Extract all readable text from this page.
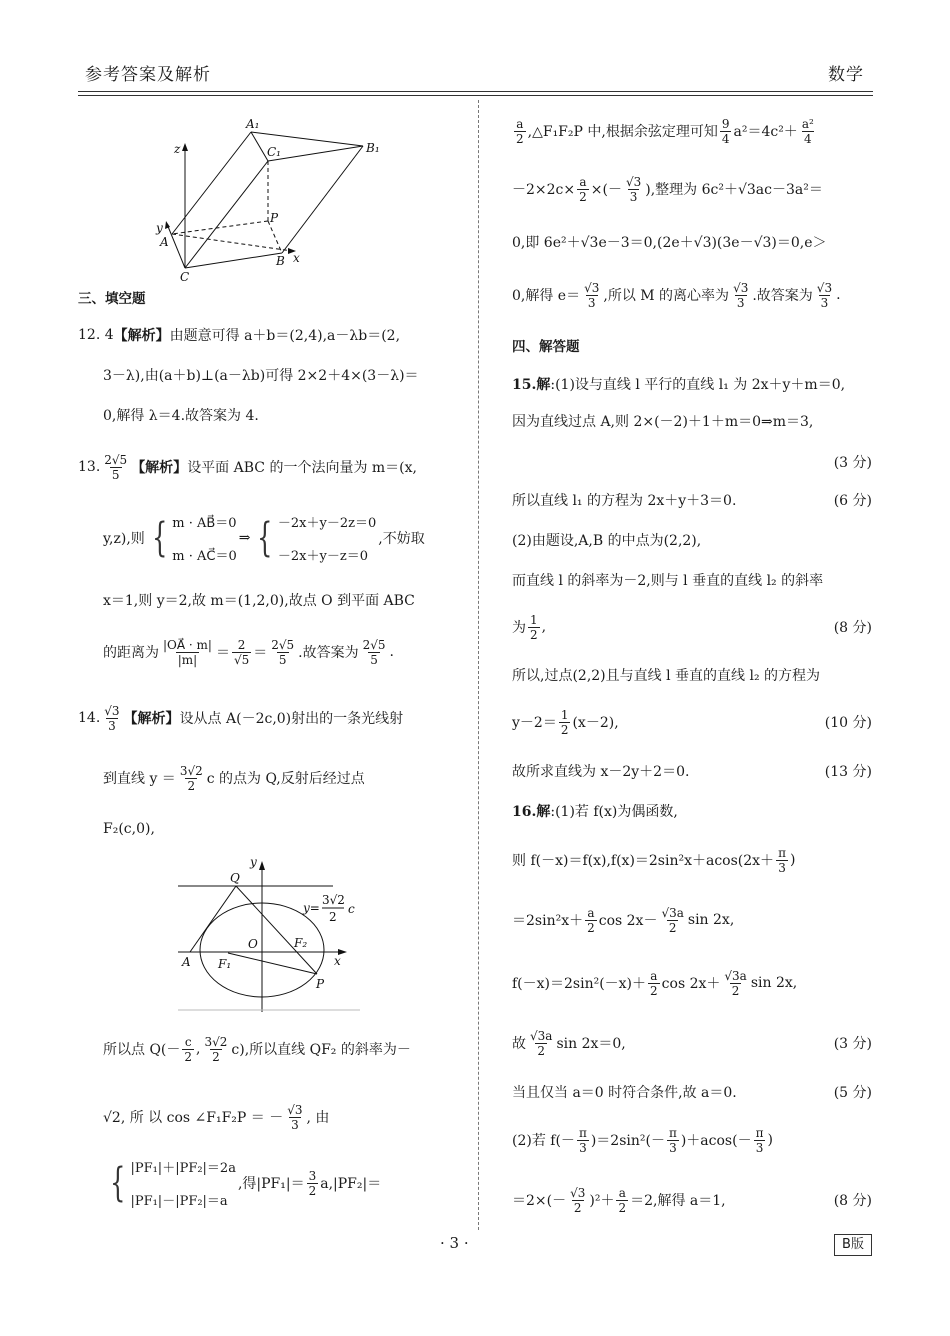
参考答案及解析	数学
A₁
B₁
C₁
z
y
A
P
B x
C
y
Q
y=
3√2
2
c
O	F₂
A F₁	x
P
三、填空题
12. 4 【解析】 由题意可得 a＋b＝(2,4),a－λb＝(2,
3－λ),由(a＋b)⊥(a－λb)可得 2×2＋4×(3－λ)＝
0,解得 λ＝4.故答案为 4.
13. $\frac{2√5}{5}$ 【解析】 设平面 ABC 的一个法向量为 m＝(x,
y,z),则 { m · AB⃗＝0
m · AC⃗＝0
⇒ { －2x＋y－2z＝0
－2x＋y－z＝0
,不妨取
x＝1,则 y＝2,故 m＝(1,2,0),故点 O 到平面 ABC
的距离为 $\frac{|OA⃗ \cdot m|}{|m|} = \frac{2}{√5} = \frac{2√5}{5}$ .故答案为 $\frac{2√5}{5}$ .
14. $\frac{√3}{3}$ 【解析】 设从点 A(－2c,0)射出的一条光线射
到直线 $y = \frac{3√2}{2}$ c 的点为 Q,反射后经过点
F₂(c,0),
所以点 $Q(- \frac{c}{2}$ , $\frac{3√2}{2} c$),所以直线 QF₂ 的斜率为－
√2, 所 以 cos ∠F₁F₂P ＝ － $\frac{√3}{3}$ , 由
{ |PF₁|＋|PF₂|＝2a
|PF₁|－|PF₂|＝a
,得$|PF_1|= \frac{3}{2} a,|PF_2|=$
$\frac{a}{2}$ ,△F₁F₂P 中,根据余弦定理可知 $\frac{9}{4} a^2=4c^2+ \frac{\text{a²}}{4}$
$-2\times 2c\times \frac{a}{2}$ ×(－ $\frac{√3}{3}$ ),整理为 6c²＋√3ac－3a²＝
0,即 6e²＋√3e－3＝0,(2e＋√3)(3e－√3)＝0,e＞
0,解得 $e= \frac{√3}{3}$ ,所以 M 的离心率为 $\frac{√3}{3}$ .故答案为 $\frac{√3}{3}$ .
四、解答题
15.解 :(1)设与直线 l 平行的直线 l₁ 为 2x＋y＋m＝0,
因为直线过点 A,则 2×(－2)＋1＋m＝0⇒m＝3,
(3 分)
所以直线 l₁ 的方程为 2x＋y＋3＝0.	(6 分)
(2)由题设,A,B 的中点为(2,2),
而直线 l 的斜率为－2,则与 l 垂直的直线 l₂ 的斜率
为 $\frac{1}{2}$ ,	(8 分)
所以,过点(2,2)且与直线 l 垂直的直线 l₂ 的方程为
$y-2= \frac{1}{2} (x-2)$,	(10 分)
故所求直线为 x－2y＋2＝0.	(13 分)
16.解 :(1)若 f(x)为偶函数,
则 $f(-x)=f(x),f(x)=2\sin^2x+acos(2x+ \frac{\pi}{3}$ )
$=2\sin^2x+ \frac{a}{2}$ $\cos 2x- \frac{√3a}{2}$ sin 2x,
$f(-x)=2\sin^2(-x)+ \frac{a}{2}$ $\cos 2x+ \frac{√3a}{2}$ sin 2x,
故 $\frac{√3a}{2}$ sin 2x＝0,	(3 分)
当且仅当 a＝0 时符合条件,故 a＝0.	(5 分)
(2)若 $f(- \frac{\pi}{3} )=2\sin^2(- \frac{\pi}{3} )+acos(- \frac{\pi}{3}$ )
$=2\times(- \frac{√3}{2} )^2+ \frac{a}{2} =2$,解得 a＝1,	(8 分)
· 3 ·	B版
